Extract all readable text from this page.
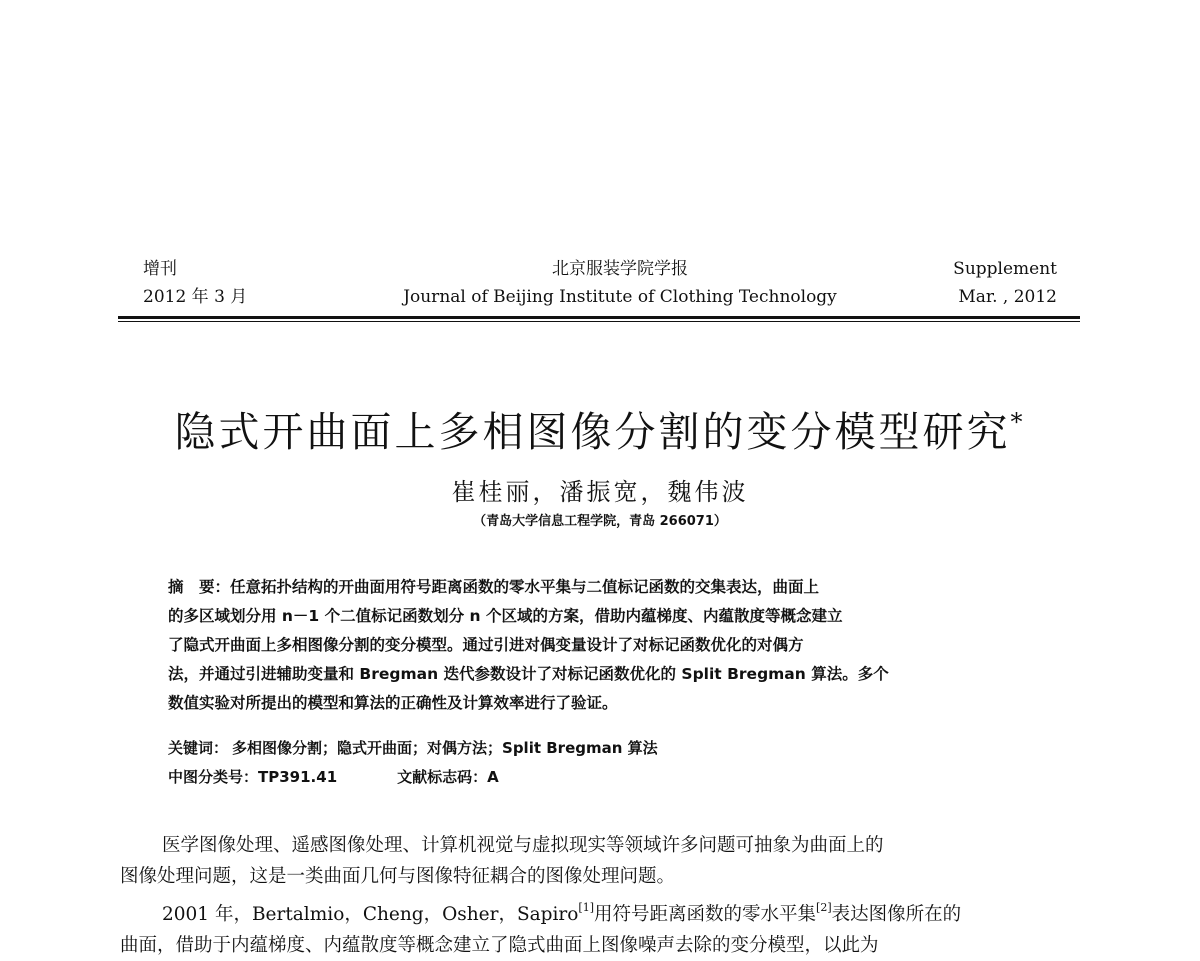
增刊
2012 年 3 月
北京服装学院学报
Journal of Beijing Institute of Clothing Technology
Supplement
Mar. , 2012
隐式开曲面上多相图像分割的变分模型研究*
崔桂丽，潘振宽，魏伟波
（青岛大学信息工程学院，青岛 266071）
摘　要：任意拓扑结构的开曲面用符号距离函数的零水平集与二值标记函数的交集表达，曲面上
的多区域划分用 n－1 个二值标记函数划分 n 个区域的方案，借助内蕴梯度、内蕴散度等概念建立
了隐式开曲面上多相图像分割的变分模型。通过引进对偶变量设计了对标记函数优化的对偶方
法，并通过引进辅助变量和 Bregman 迭代参数设计了对标记函数优化的 Split Bregman 算法。多个
数值实验对所提出的模型和算法的正确性及计算效率进行了验证。
关键词： 多相图像分割；隐式开曲面；对偶方法；Split Bregman 算法
中图分类号：TP391.41	文献标志码：A

医学图像处理、遥感图像处理、计算机视觉与虚拟现实等领域许多问题可抽象为曲面上的

图像处理问题，这是一类曲面几何与图像特征耦合的图像处理问题。

2001 年，Bertalmio，Cheng，Osher，Sapiro[1]用符号距离函数的零水平集[2]表达图像所在的

曲面，借助于内蕴梯度、内蕴散度等概念建立了隐式曲面上图像噪声去除的变分模型，以此为
